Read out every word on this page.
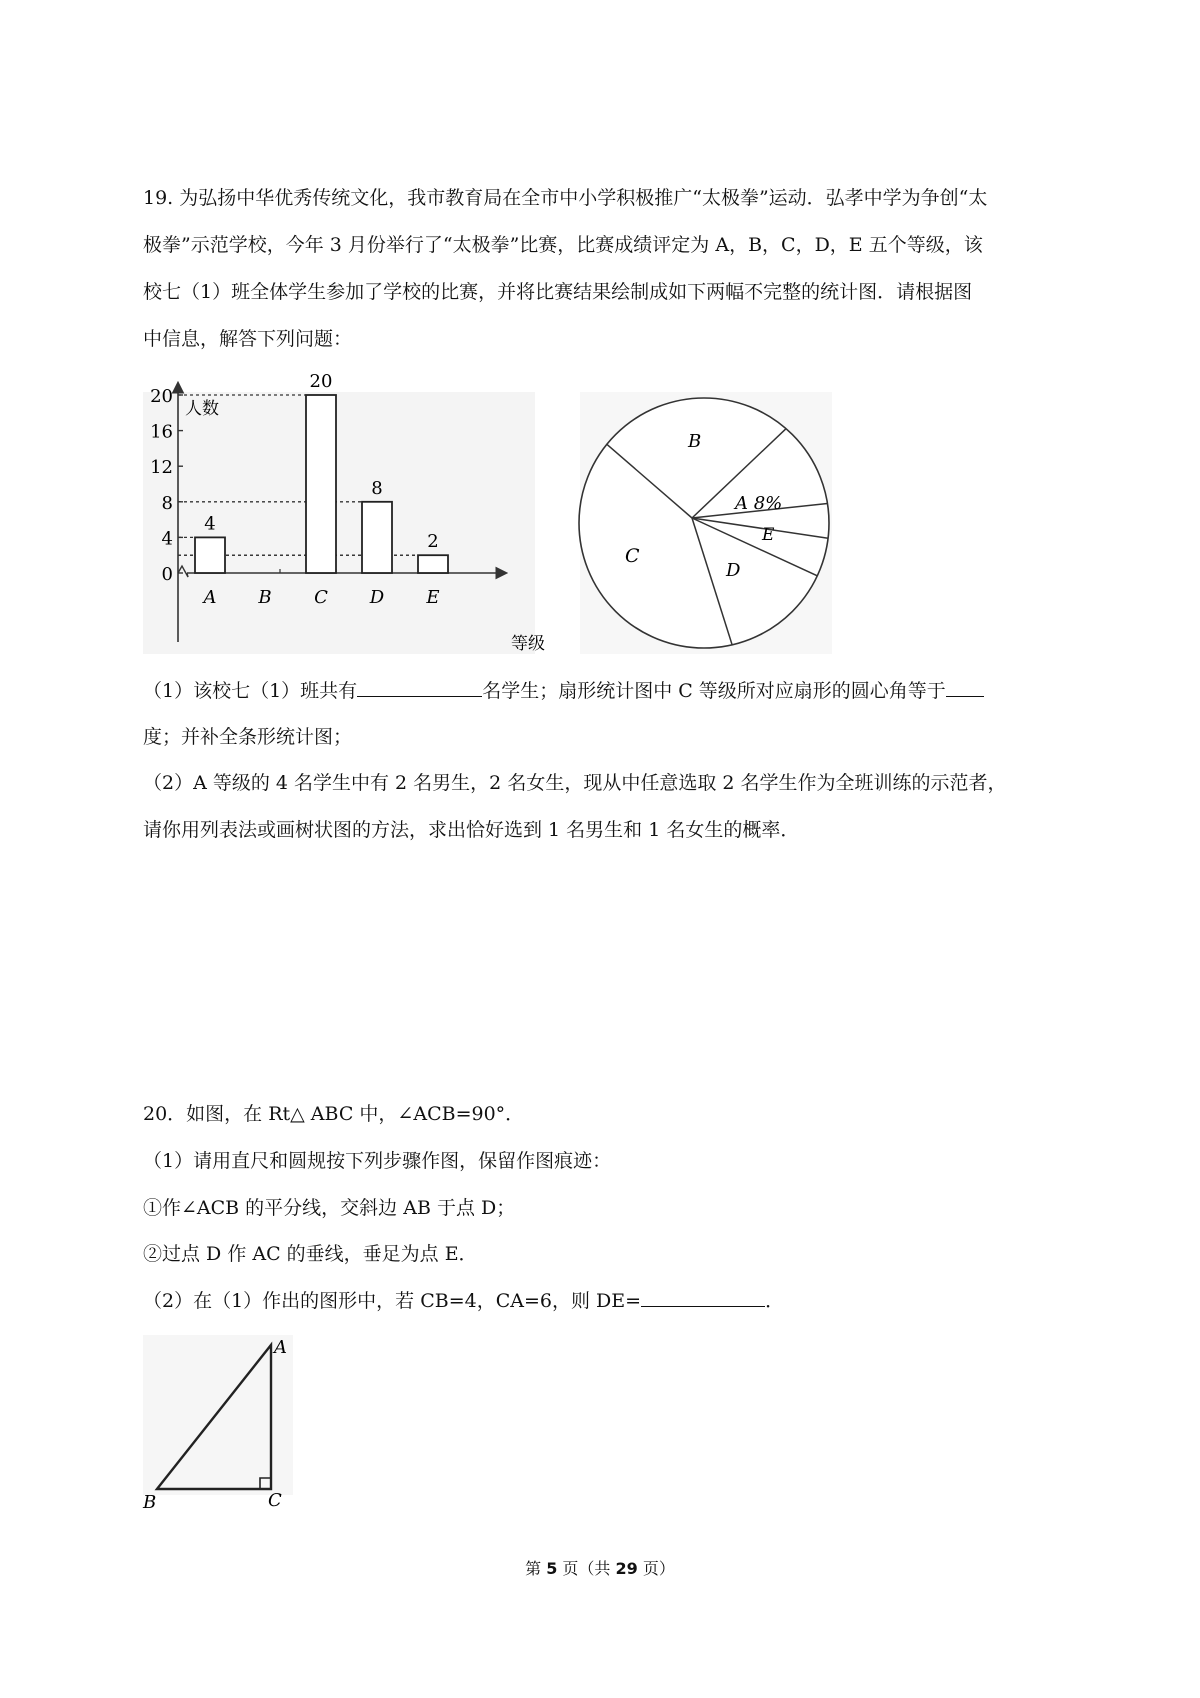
19. 为弘扬中华优秀传统文化，我市教育局在全市中小学积极推广“太极拳”运动．弘孝中学为争创“太

极拳”示范学校，今年 3 月份举行了“太极拳”比赛，比赛成绩评定为 A，B，C，D，E 五个等级，该

校七（1）班全体学生参加了学校的比赛，并将比赛结果绘制成如下两幅不完整的统计图．请根据图

中信息，解答下列问题：

0
4
8
12
16
20
A B C D E
4
20
8
2
人数
等级
B
A 8%
E
D
C

（1）该校七（1）班共有	名学生；扇形统计图中 C 等级所对应扇形的圆心角等于

度；并补全条形统计图；

（2）A 等级的 4 名学生中有 2 名男生，2 名女生，现从中任意选取 2 名学生作为全班训练的示范者，

请你用列表法或画树状图的方法，求出恰好选到 1 名男生和 1 名女生的概率．

20．如图，在 Rt△ ABC 中，∠ACB=90°．

（1）请用直尺和圆规按下列步骤作图，保留作图痕迹：

①作∠ACB 的平分线，交斜边 AB 于点 D；

②过点 D 作 AC 的垂线，垂足为点 E．

（2）在（1）作出的图形中，若 CB=4，CA=6，则 DE=	．

A
B	C
第 5 页（共 29 页）
